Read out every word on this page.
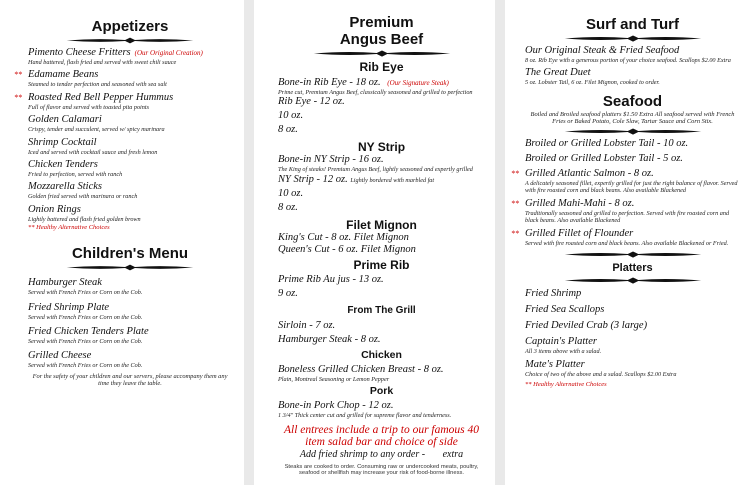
Appetizers
Pimento Cheese Fritters (Our Original Creation)
Hand battered, flash fried and served with sweet chili sauce
** Edamame Beans
Steamed to tender perfection and seasoned with sea salt
** Roasted Red Bell Pepper Hummus
Full of flavor and served with toasted pita points
Golden Calamari
Crispy, tender and succulent, served w/ spicy marinara
Shrimp Cocktail
Iced and served with cocktail sauce and fresh lemon
Chicken Tenders
Fried to perfection, served with ranch
Mozzarella Sticks
Golden fried served with marinara or ranch
Onion Rings
Lightly battered and flash fried golden brown
** Healthy Alternative Choices
Children's Menu
Hamburger Steak
Served with French Fries or Corn on the Cob.
Fried Shrimp Plate
Served with French Fries or Corn on the Cob.
Fried Chicken Tenders Plate
Served with French Fries or Corn on the Cob.
Grilled Cheese
Served with French Fries or Corn on the Cob.
For the safety of your children and our servers, please accompany them any time they leave the table.
Premium
Angus Beef
Rib Eye
Bone-in Rib Eye - 18 oz. (Our Signature Steak)
Prime cut, Premium Angus Beef, classically seasoned and grilled to perfection
Rib Eye - 12 oz.
10 oz.
8 oz.
NY Strip
Bone-in NY Strip - 16 oz.
The King of steaks! Premium Angus Beef, lightly seasoned and expertly grilled
NY Strip - 12 oz. Lightly bordered with marbled fat
10 oz.
8 oz.
Filet Mignon
King's Cut - 8 oz. Filet Mignon
Queen's Cut - 6 oz. Filet Mignon
Prime Rib
Prime Rib Au jus - 13 oz.
9 oz.
From The Grill
Sirloin - 7 oz.
Hamburger Steak - 8 oz.
Chicken
Boneless Grilled Chicken Breast - 8 oz.
Plain, Montreal Seasoning or Lemon Pepper
Pork
Bone-in Pork Chop - 12 oz.
1 3/4" Thick center cut and grilled for supreme flavor and tenderness.
All entrees include a trip to our famous 40 item salad bar and choice of side
Add fried shrimp to any order - extra
Steaks are cooked to order. Consuming raw or undercooked meats, poultry, seafood or shellfish may increase your risk of food-borne illness.
Surf and Turf
Our Original Steak & Fried Seafood
8 oz. Rib Eye with a generous portion of your choice seafood. Scallops $2.00 Extra
The Great Duet
5 oz. Lobster Tail, 6 oz. Filet Mignon, cooked to order.
Seafood
Boiled and Broiled seafood platters $1.50 Extra All seafood served with French Fries or Baked Potato, Cole Slaw, Tartar Sauce and Corn Stix.
Broiled or Grilled Lobster Tail - 10 oz.
Broiled or Grilled Lobster Tail - 5 oz.
** Grilled Atlantic Salmon - 8 oz.
A delicately seasoned fillet, expertly grilled for just the right balance of flavor. Served with fire roasted corn and black beans. Also available Blackened
** Grilled Mahi-Mahi - 8 oz.
Traditionally seasoned and grilled to perfection. Served with fire roasted corn and black beans. Also available Blackened
** Grilled Fillet of Flounder
Served with fire roasted corn and black beans. Also available Blackened or Fried.
Platters
Fried Shrimp
Fried Sea Scallops
Fried Deviled Crab (3 large)
Captain's Platter
All 3 items above with a salad.
Mate's Platter
Choice of two of the above and a salad. Scallops $2.00 Extra
** Healthy Alternative Choices
